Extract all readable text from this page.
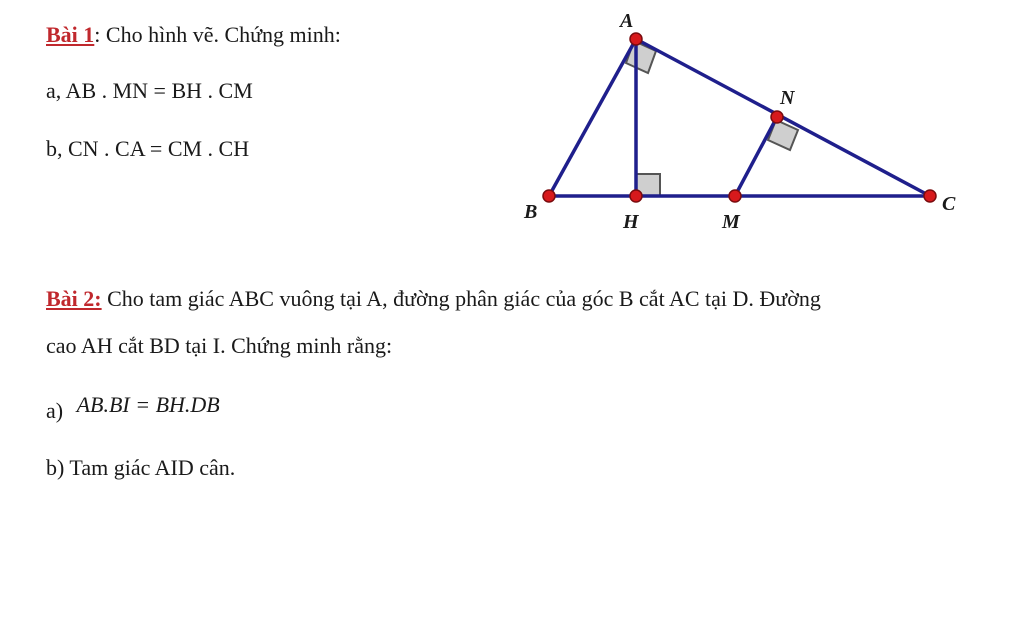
Bài 1: Cho hình vẽ. Chứng minh:
a, AB . MN = BH . CM
b, CN . CA = CM . CH
A
B	C
H	M
N
Bài 2: Cho tam giác ABC vuông tại A, đường phân giác của góc B cắt AC tại D. Đường
cao AH cắt BD tại I. Chứng minh rằng:
a) AB.BI = BH.DB
b) Tam giác AID cân.
